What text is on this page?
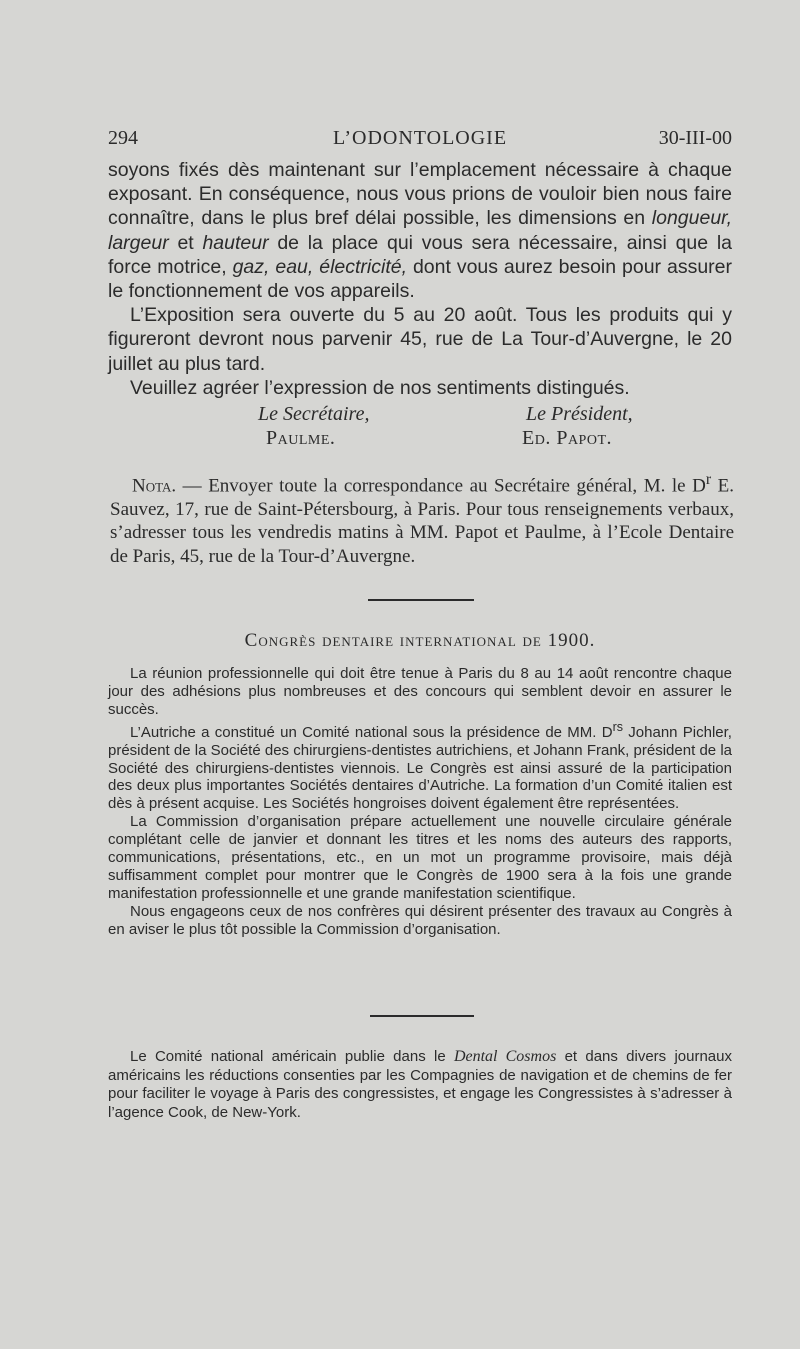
294	L’ODONTOLOGIE	30-III-00

soyons fixés dès maintenant sur l’emplacement nécessaire à chaque exposant. En conséquence, nous vous prions de vouloir bien nous faire connaître, dans le plus bref délai possible, les dimensions en longueur, largeur et hauteur de la place qui vous sera nécessaire, ainsi que la force motrice, gaz, eau, électricité, dont vous aurez besoin pour assurer le fonctionnement de vos appareils.

L’Exposition sera ouverte du 5 au 20 août. Tous les produits qui y figureront devront nous parvenir 45, rue de La Tour-d’Auvergne, le 20 juillet au plus tard.

Veuillez agréer l’expression de nos sentiments distingués.

Le Secrétaire,	Le Président,
Paulme.	Ed. Papot.

Nota. — Envoyer toute la correspondance au Secrétaire général, M. le $D^r$ E. Sauvez, 17, rue de Saint-Pétersbourg, à Paris. Pour tous renseignements verbaux, s’adresser tous les vendredis matins à MM. Papot et Paulme, à l’Ecole Dentaire de Paris, 45, rue de la Tour-d’Auvergne.

Congrès dentaire international de 1900.

La réunion professionnelle qui doit être tenue à Paris du 8 au 14 août rencontre chaque jour des adhésions plus nombreuses et des concours qui semblent devoir en assurer le succès.

L’Autriche a constitué un Comité national sous la présidence de MM. $D^{rs}$ Johann Pichler, président de la Société des chirurgiens-dentistes autrichiens, et Johann Frank, président de la Société des chirurgiens-dentistes viennois. Le Congrès est ainsi assuré de la participation des deux plus importantes Sociétés dentaires d’Autriche. La formation d’un Comité italien est dès à présent acquise. Les Sociétés hongroises doivent également être représentées.

La Commission d’organisation prépare actuellement une nouvelle circulaire générale complétant celle de janvier et donnant les titres et les noms des auteurs des rapports, communications, présentations, etc., en un mot un programme provisoire, mais déjà suffisamment complet pour montrer que le Congrès de 1900 sera à la fois une grande manifestation professionnelle et une grande manifestation scientifique.

Nous engageons ceux de nos confrères qui désirent présenter des travaux au Congrès à en aviser le plus tôt possible la Commission d’organisation.

Le Comité national américain publie dans le Dental Cosmos et dans divers journaux américains les réductions consenties par les Compagnies de navigation et de chemins de fer pour faciliter le voyage à Paris des congressistes, et engage les Congressistes à s’adresser à l’agence Cook, de New-York.
